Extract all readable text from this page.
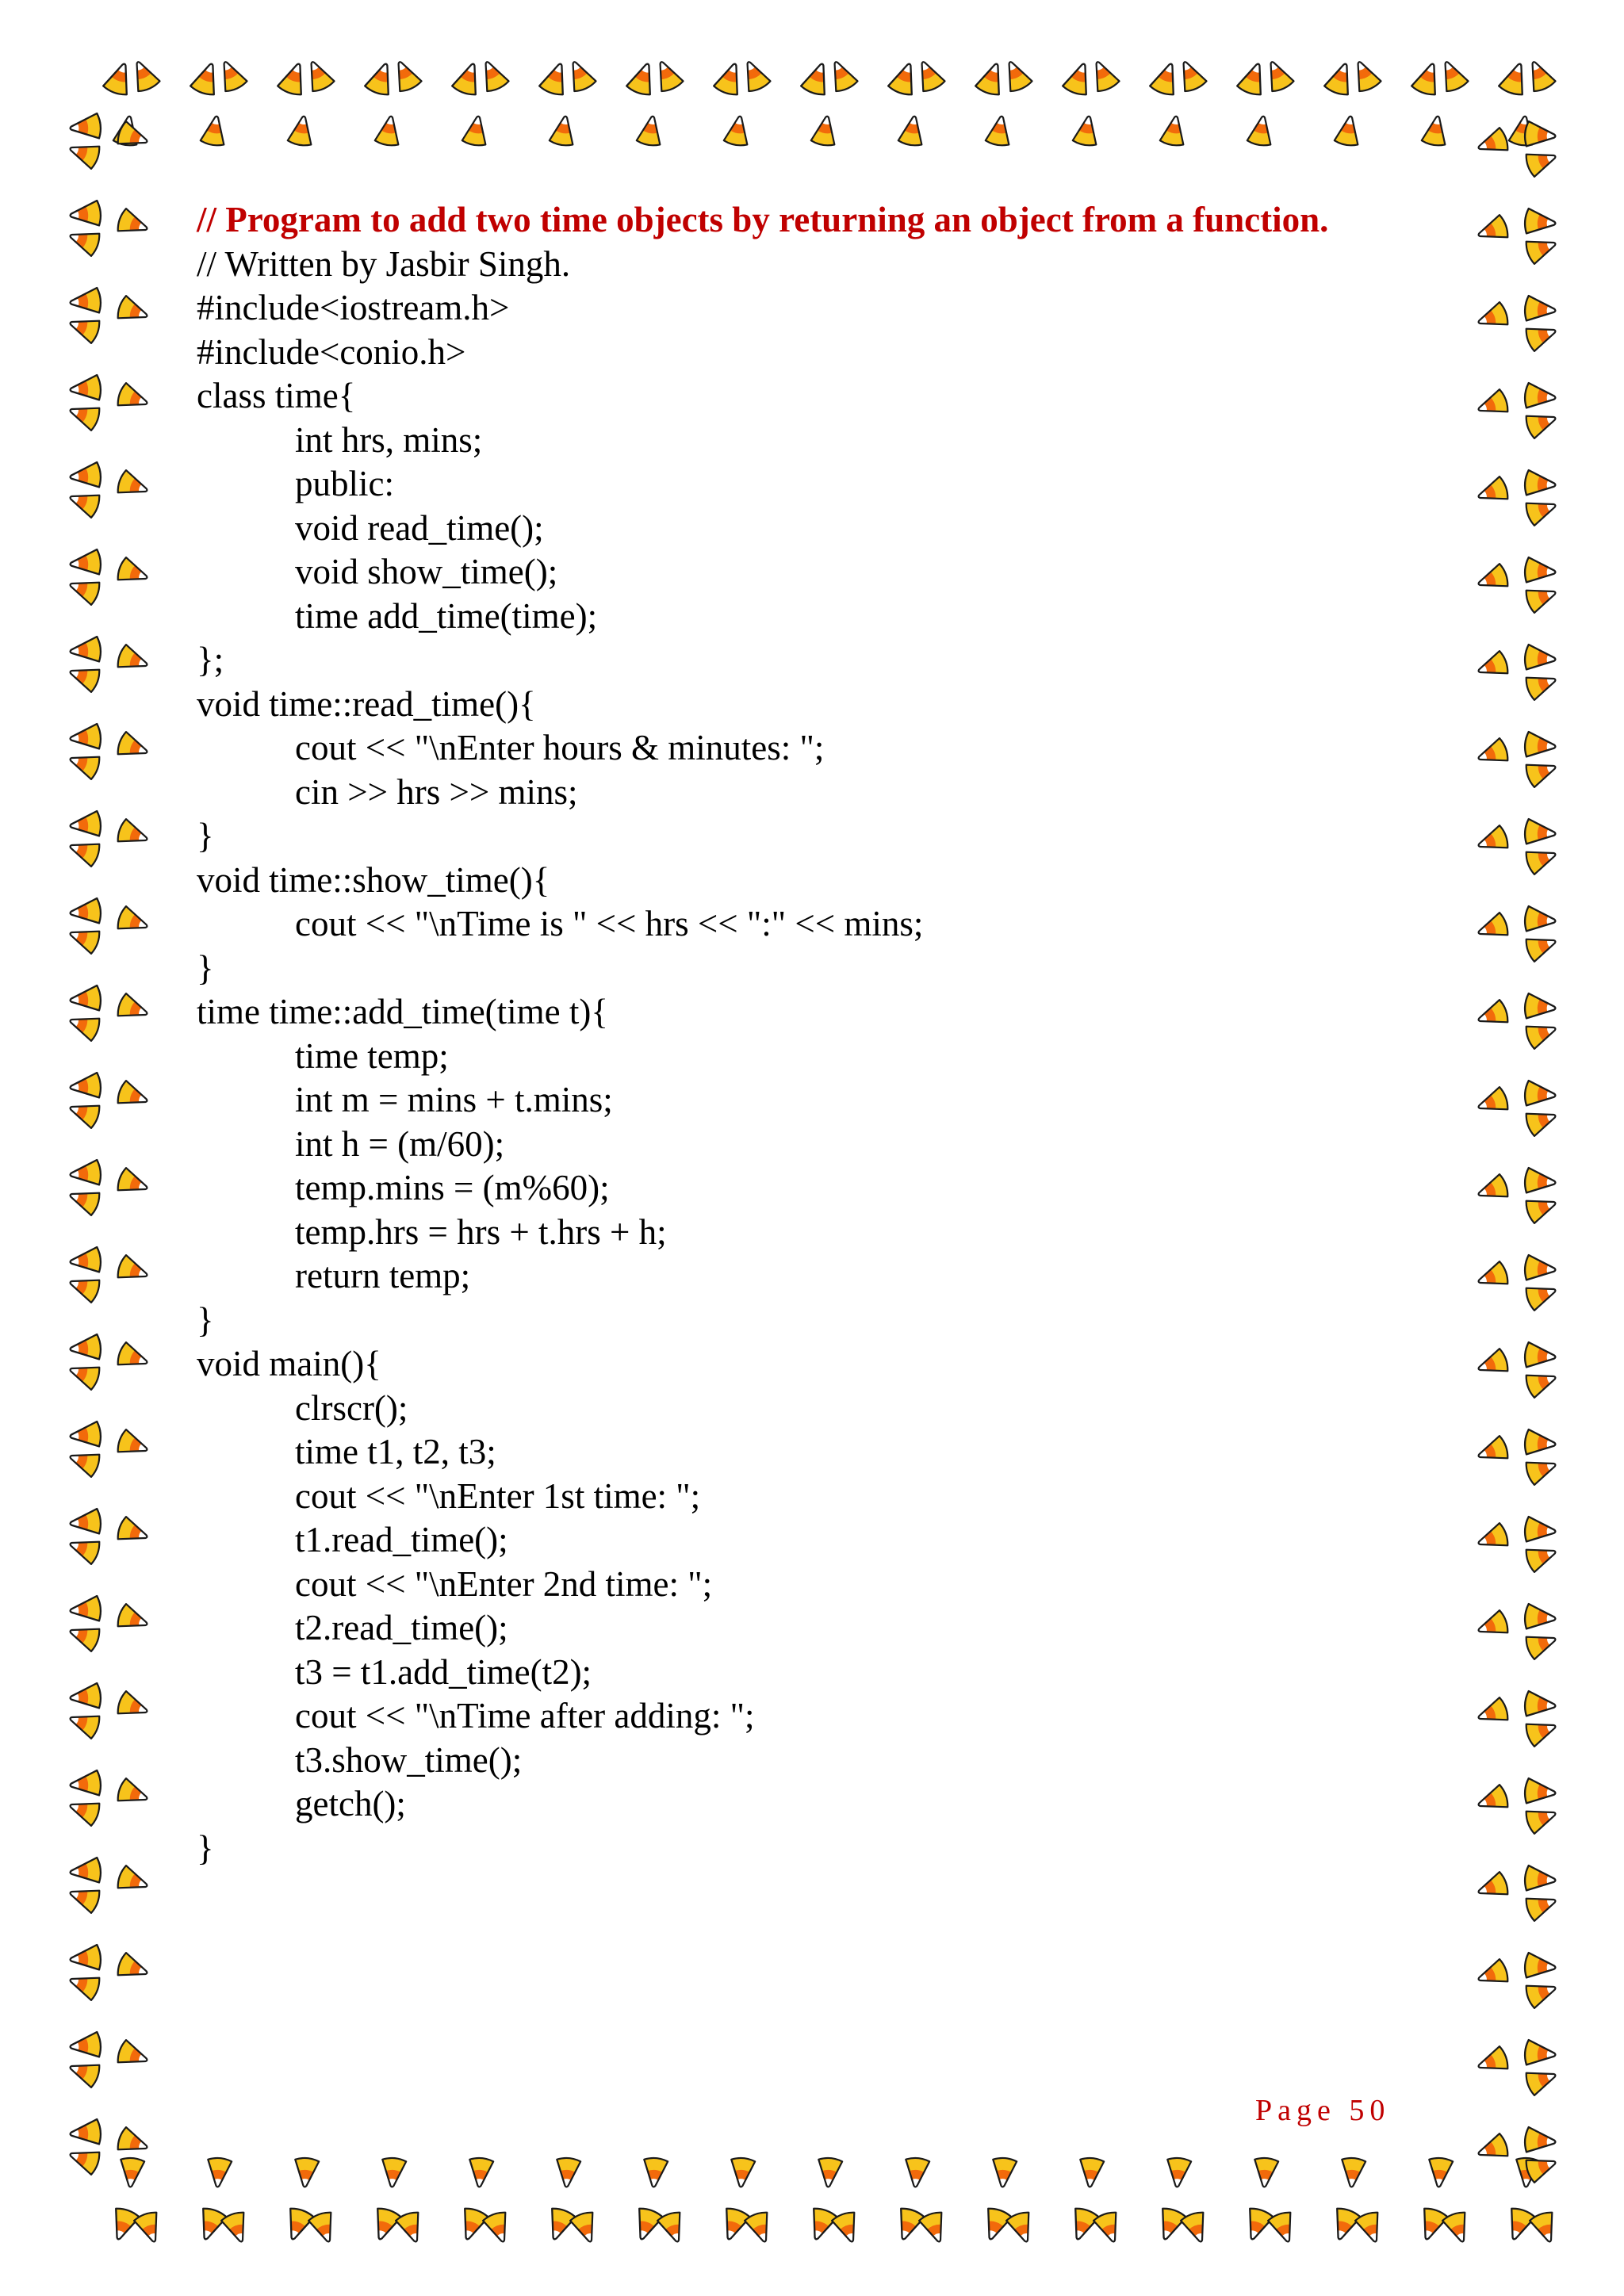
// Program to add two time objects by returning an object from a function.
// Written by Jasbir Singh.
#include<iostream.h>
#include<conio.h>
class time{
int hrs, mins;
public:
void read_time();
void show_time();
time add_time(time);
};
void time::read_time(){
cout << "\nEnter hours & minutes: ";
cin >> hrs >> mins;
}
void time::show_time(){
cout << "\nTime is " << hrs << ":" << mins;
}
time time::add_time(time t){
time temp;
int m = mins + t.mins;
int h = (m/60);
temp.mins = (m%60);
temp.hrs = hrs + t.hrs + h;
return temp;
}
void main(){
clrscr();
time t1, t2, t3;
cout << "\nEnter 1st time: ";
t1.read_time();
cout << "\nEnter 2nd time: ";
t2.read_time();
t3 = t1.add_time(t2);
cout << "\nTime after adding: ";
t3.show_time();
getch();
}
Page 50
